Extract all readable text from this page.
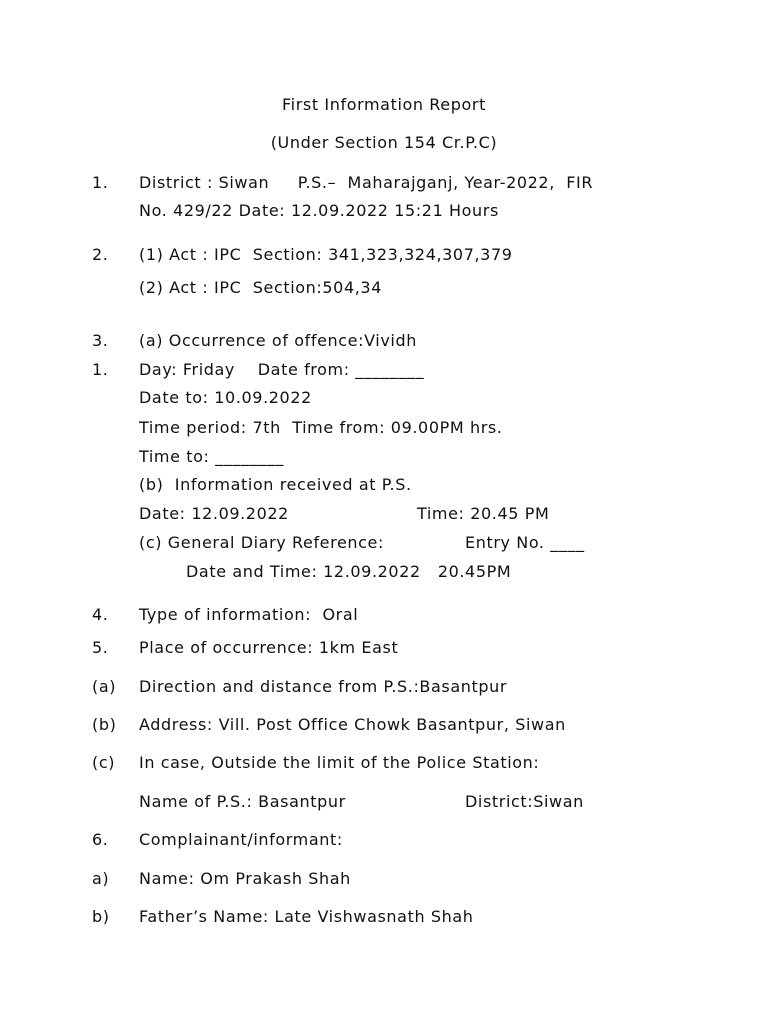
First Information Report
(Under Section 154 Cr.P.C)
1. District : Siwan     P.S.–  Maharajganj, Year-2022,  FIR
No. 429/22 Date: 12.09.2022 15:21 Hours
2. (1) Act : IPC  Section: 341,323,324,307,379
(2) Act : IPC  Section:504,34
3. (a) Occurrence of offence:Vividh
1. Day: Friday    Date from: ________
Date to: 10.09.2022
Time period: 7th  Time from: 09.00PM hrs.
Time to: ________
(b)  Information received at P.S.
Date: 12.09.2022	Time: 20.45 PM
(c) General Diary Reference:	Entry No. ____
Date and Time: 12.09.2022   20.45PM
4. Type of information:  Oral
5. Place of occurrence: 1km East
(a) Direction and distance from P.S.:Basantpur
(b) Address: Vill. Post Office Chowk Basantpur, Siwan
(c) In case, Outside the limit of the Police Station:
Name of P.S.: Basantpur	District:Siwan
6. Complainant/informant:
a) Name: Om Prakash Shah
b) Father’s Name: Late Vishwasnath Shah
